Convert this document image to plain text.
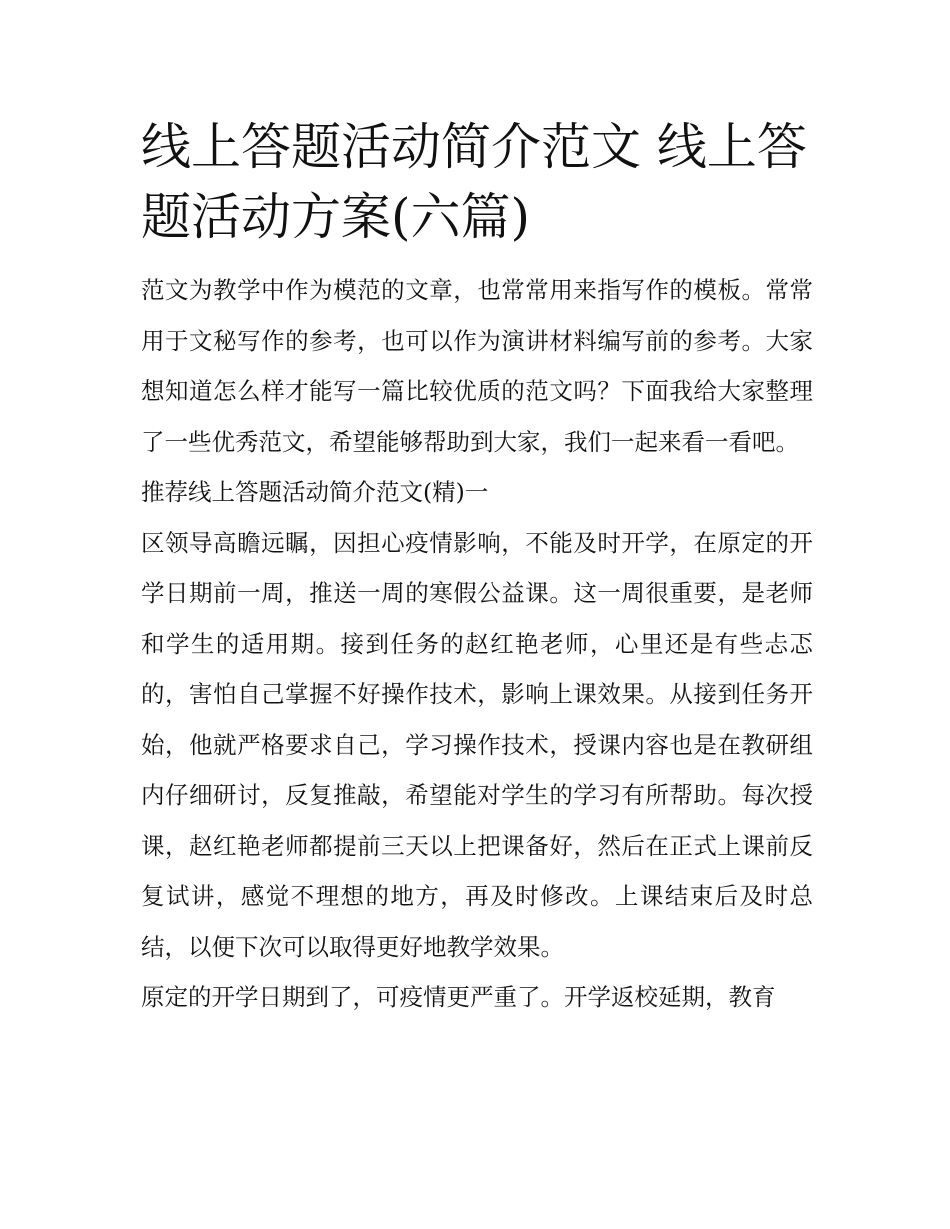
线上答题活动简介范文 线上答题活动方案(六篇)

范文为教学中作为模范的文章，也常常用来指写作的模板。常常用于文秘写作的参考，也可以作为演讲材料编写前的参考。大家想知道怎么样才能写一篇比较优质的范文吗？下面我给大家整理了一些优秀范文，希望能够帮助到大家，我们一起来看一看吧。

推荐线上答题活动简介范文(精)一

区领导高瞻远瞩，因担心疫情影响，不能及时开学，在原定的开学日期前一周，推送一周的寒假公益课。这一周很重要，是老师和学生的适用期。接到任务的赵红艳老师，心里还是有些忐忑的，害怕自己掌握不好操作技术，影响上课效果。从接到任务开始，他就严格要求自己，学习操作技术，授课内容也是在教研组内仔细研讨，反复推敲，希望能对学生的学习有所帮助。每次授课，赵红艳老师都提前三天以上把课备好，然后在正式上课前反复试讲，感觉不理想的地方，再及时修改。上课结束后及时总结，以便下次可以取得更好地教学效果。

原定的开学日期到了，可疫情更严重了。开学返校延期，教育
